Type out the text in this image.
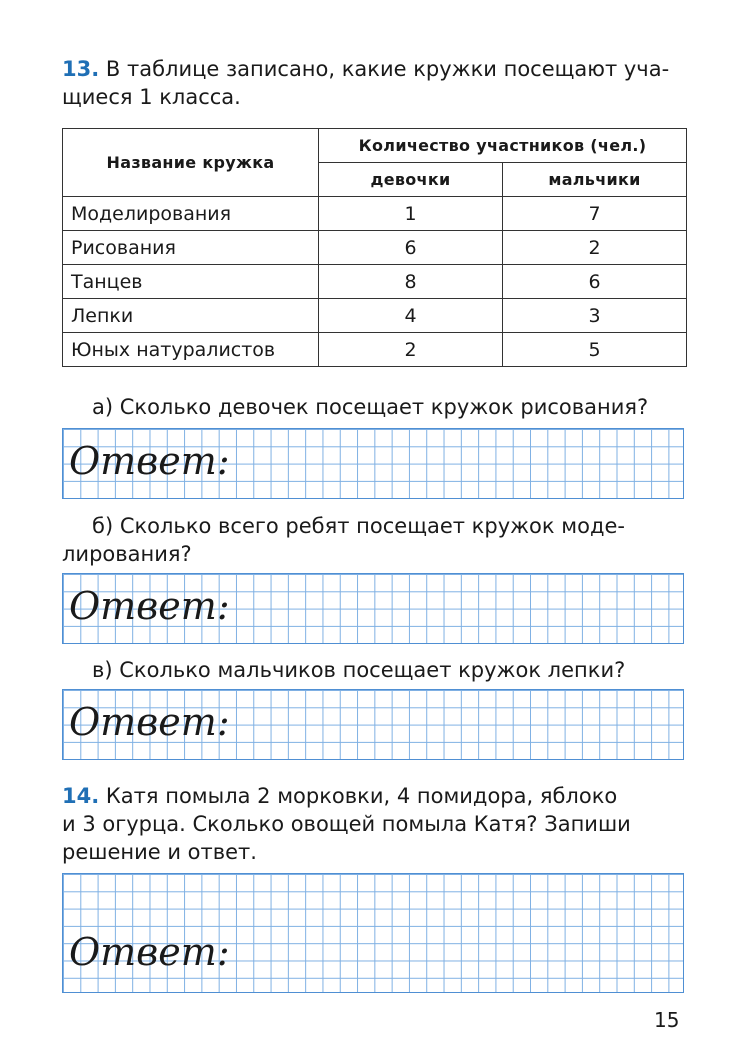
13. В таблице записано, какие кружки посещают уча-
щиеся 1 класса.
Название кружка	Количество участников (чел.)	
	девочки	мальчики
Моделирования	1	7
Рисования	6	2
Танцев	8	6
Лепки	4	3
Юных натуралистов	2	5
а) Сколько девочек посещает кружок рисования?
Ответ:
б) Сколько всего ребят посещает кружок моде-
лирования?
Ответ:
в) Сколько мальчиков посещает кружок лепки?
Ответ:
14. Катя помыла 2 морковки, 4 помидора, яблоко
и 3 огурца. Сколько овощей помыла Катя? Запиши
решение и ответ.
Ответ:
15
